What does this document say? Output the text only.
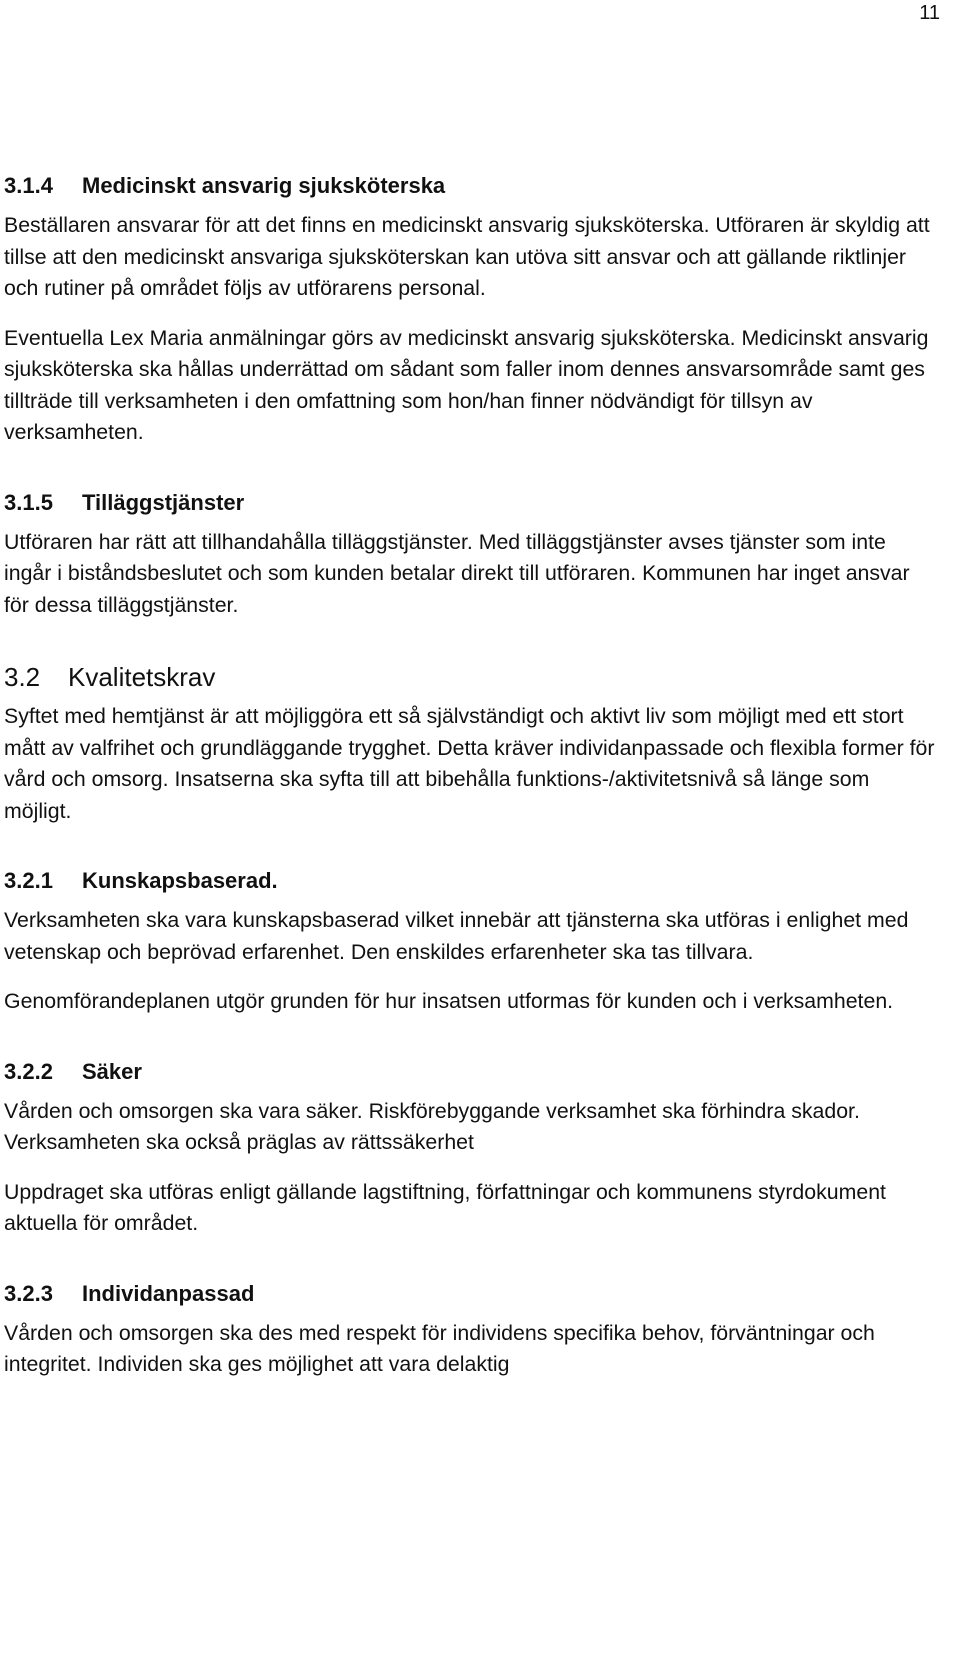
11
3.1.4 Medicinskt ansvarig sjuksköterska

Beställaren ansvarar för att det finns en medicinskt ansvarig sjuksköterska. Utföraren är skyldig att tillse att den medicinskt ansvariga sjuksköterskan kan utöva sitt ansvar och att gällande riktlinjer och rutiner på området följs av utförarens personal.

Eventuella Lex Maria anmälningar görs av medicinskt ansvarig sjuksköterska. Medicinskt ansvarig sjuksköterska ska hållas underrättad om sådant som faller inom dennes ansvarsområde samt ges tillträde till verksamheten i den omfattning som hon/han finner nödvändigt för tillsyn av verksamheten.

3.1.5 Tilläggstjänster

Utföraren har rätt att tillhandahålla tilläggstjänster. Med tilläggstjänster avses tjänster som inte ingår i biståndsbeslutet och som kunden betalar direkt till utföraren. Kommunen har inget ansvar för dessa tilläggstjänster.

3.2 Kvalitetskrav

Syftet med hemtjänst är att möjliggöra ett så självständigt och aktivt liv som möjligt med ett stort mått av valfrihet och grundläggande trygghet. Detta kräver individanpassade och flexibla former för vård och omsorg. Insatserna ska syfta till att bibehålla funktions-/aktivitetsnivå så länge som möjligt.

3.2.1 Kunskapsbaserad.

Verksamheten ska vara kunskapsbaserad vilket innebär att tjänsterna ska utföras i enlighet med vetenskap och beprövad erfarenhet. Den enskildes erfarenheter ska tas tillvara.

Genomförandeplanen utgör grunden för hur insatsen utformas för kunden och i verksamheten.

3.2.2 Säker

Vården och omsorgen ska vara säker. Riskförebyggande verksamhet ska förhindra skador. Verksamheten ska också präglas av rättssäkerhet

Uppdraget ska utföras enligt gällande lagstiftning, författningar och kommunens styrdokument aktuella för området.

3.2.3 Individanpassad

Vården och omsorgen ska des med respekt för individens specifika behov, förväntningar och integritet. Individen ska ges möjlighet att vara delaktig
